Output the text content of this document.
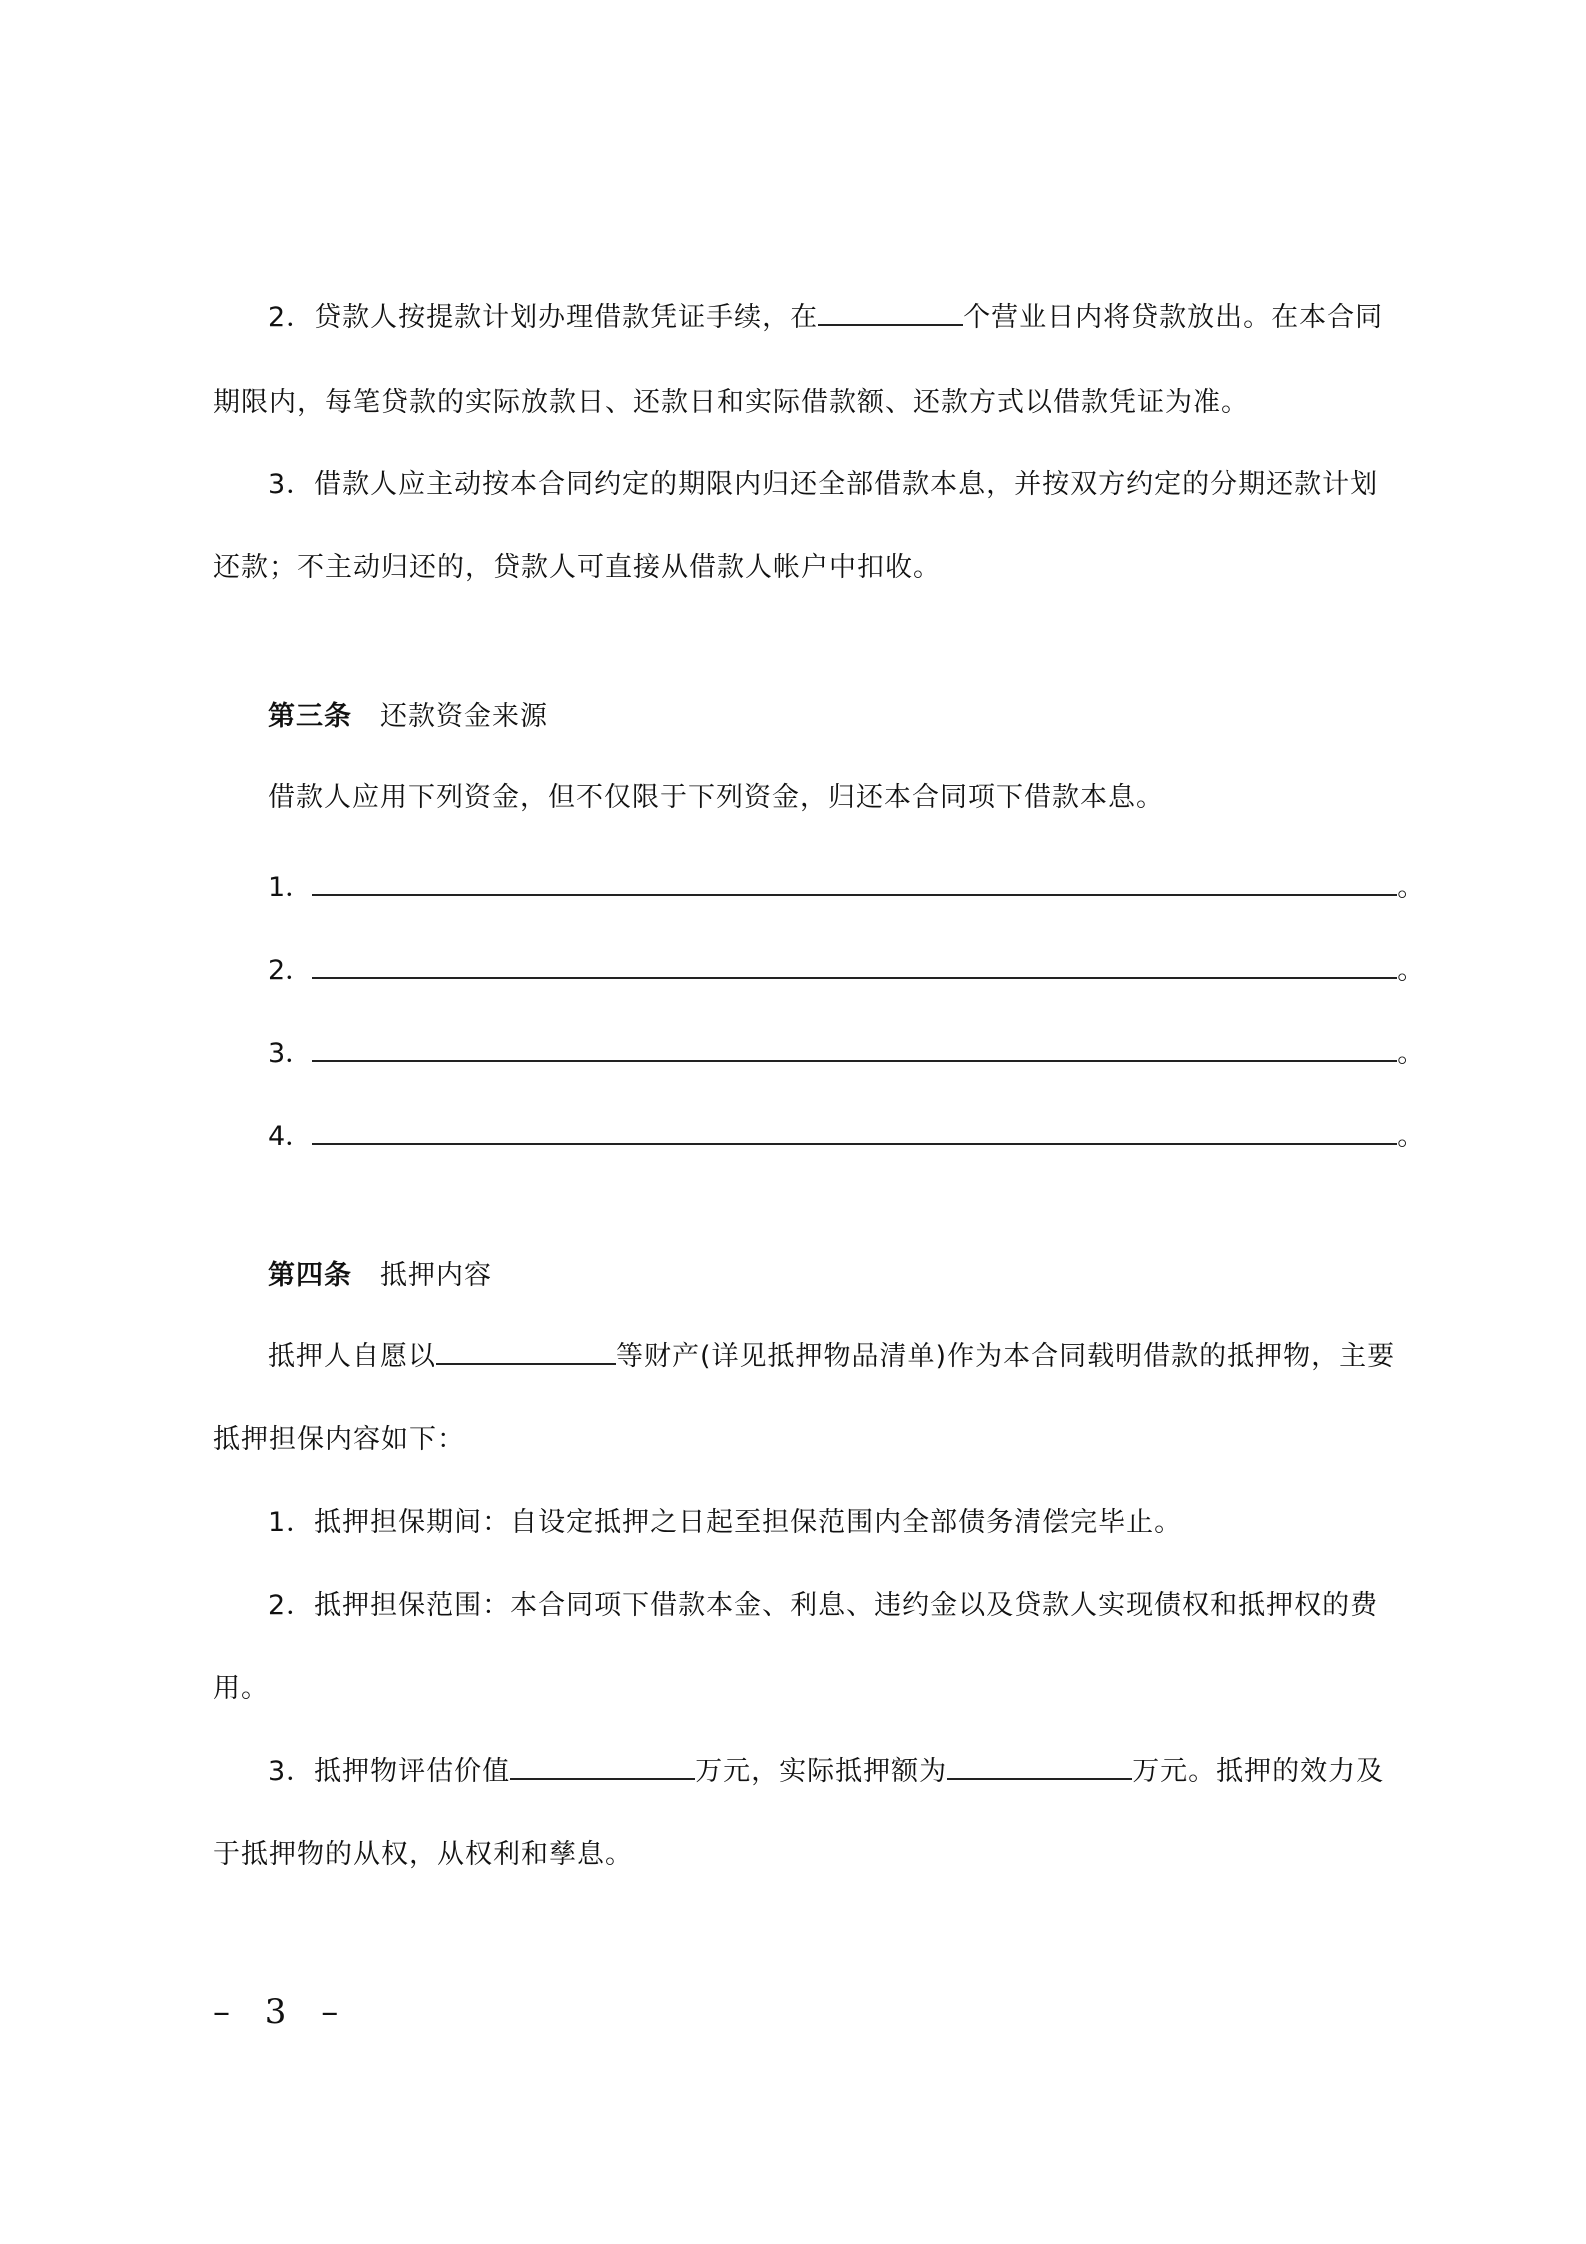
2．贷款人按提款计划办理借款凭证手续，在	个营业日内将贷款放出。在本合同
期限内，每笔贷款的实际放款日、还款日和实际借款额、还款方式以借款凭证为准。
3．借款人应主动按本合同约定的期限内归还全部借款本息，并按双方约定的分期还款计划
还款；不主动归还的，贷款人可直接从借款人帐户中扣收。
第三条 还款资金来源
借款人应用下列资金，但不仅限于下列资金，归还本合同项下借款本息。
1．	。
2．	。
3．	。
4．	。
第四条 抵押内容
抵押人自愿以	等财产(详见抵押物品清单)作为本合同载明借款的抵押物，主要
抵押担保内容如下：
1．抵押担保期间：自设定抵押之日起至担保范围内全部债务清偿完毕止。
2．抵押担保范围：本合同项下借款本金、利息、违约金以及贷款人实现债权和抵押权的费
用。
3．抵押物评估价值	万元，实际抵押额为	万元。抵押的效力及
于抵押物的从权，从权利和孳息。
– 3 –
